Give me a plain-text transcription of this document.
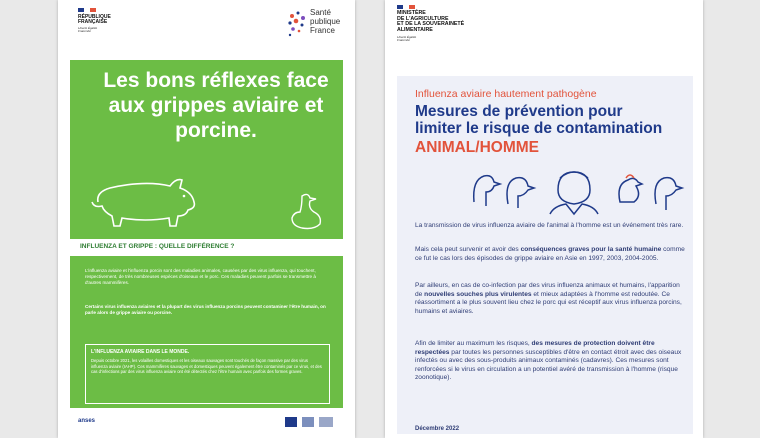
RÉPUBLIQUE
FRANÇAISE
Liberté Égalité Fraternité
Santé
publique
France
Les bons réflexes face aux grippes aviaire et porcine.
INFLUENZA ET GRIPPE : QUELLE DIFFÉRENCE ?
L'influenza aviaire et l'influenza porcin sont des maladies animales, causées par des virus influenza, qui touchent, respectivement, de très nombreuses espèces d'oiseaux et le porc. Ces maladies peuvent parfois se transmettre à d'autres mammifères.
Certains virus influenza aviaires et la plupart des virus influenza porcins peuvent contaminer l'être humain, on parle alors de grippe aviaire ou porcine.
L'INFLUENZA AVIAIRE DANS LE MONDE.
Depuis octobre 2021, les volailles domestiques et les oiseaux sauvages sont touchés de façon massive par des virus influenza aviaire (IAHP). Ces mammifères sauvages et domestiques peuvent également être contaminés par ce virus, et des cas d'infections par des virus influenza aviaire ont été détectés chez l'être humain avec parfois des formes graves.
anses
MINISTÈRE
DE L'AGRICULTURE
ET DE LA SOUVERAINETÉ
ALIMENTAIRE
Liberté Égalité Fraternité
Influenza aviaire hautement pathogène
Mesures de prévention pour
limiter le risque de contamination
ANIMAL/HOMME
La transmission de virus influenza aviaire de l'animal à l'homme est un événement très rare.
Mais cela peut survenir et avoir des conséquences graves pour la santé humaine comme ce fut le cas lors des épisodes de grippe aviaire en Asie en 1997, 2003, 2004-2005.
Par ailleurs, en cas de co-infection par des virus influenza animaux et humains, l'apparition de nouvelles souches plus virulentes et mieux adaptées à l'homme est redoutée. Ce réassortiment a le plus souvent lieu chez le porc qui est réceptif aux virus influenza porcins, humains et aviaires.
Afin de limiter au maximum les risques, des mesures de protection doivent être respectées par toutes les personnes susceptibles d'être en contact étroit avec des oiseaux infectés ou avec des sous-produits animaux contaminés (cadavres). Ces mesures sont renforcées si le virus en circulation a un potentiel avéré de transmission à l'homme (risque zoonotique).
Décembre 2022
